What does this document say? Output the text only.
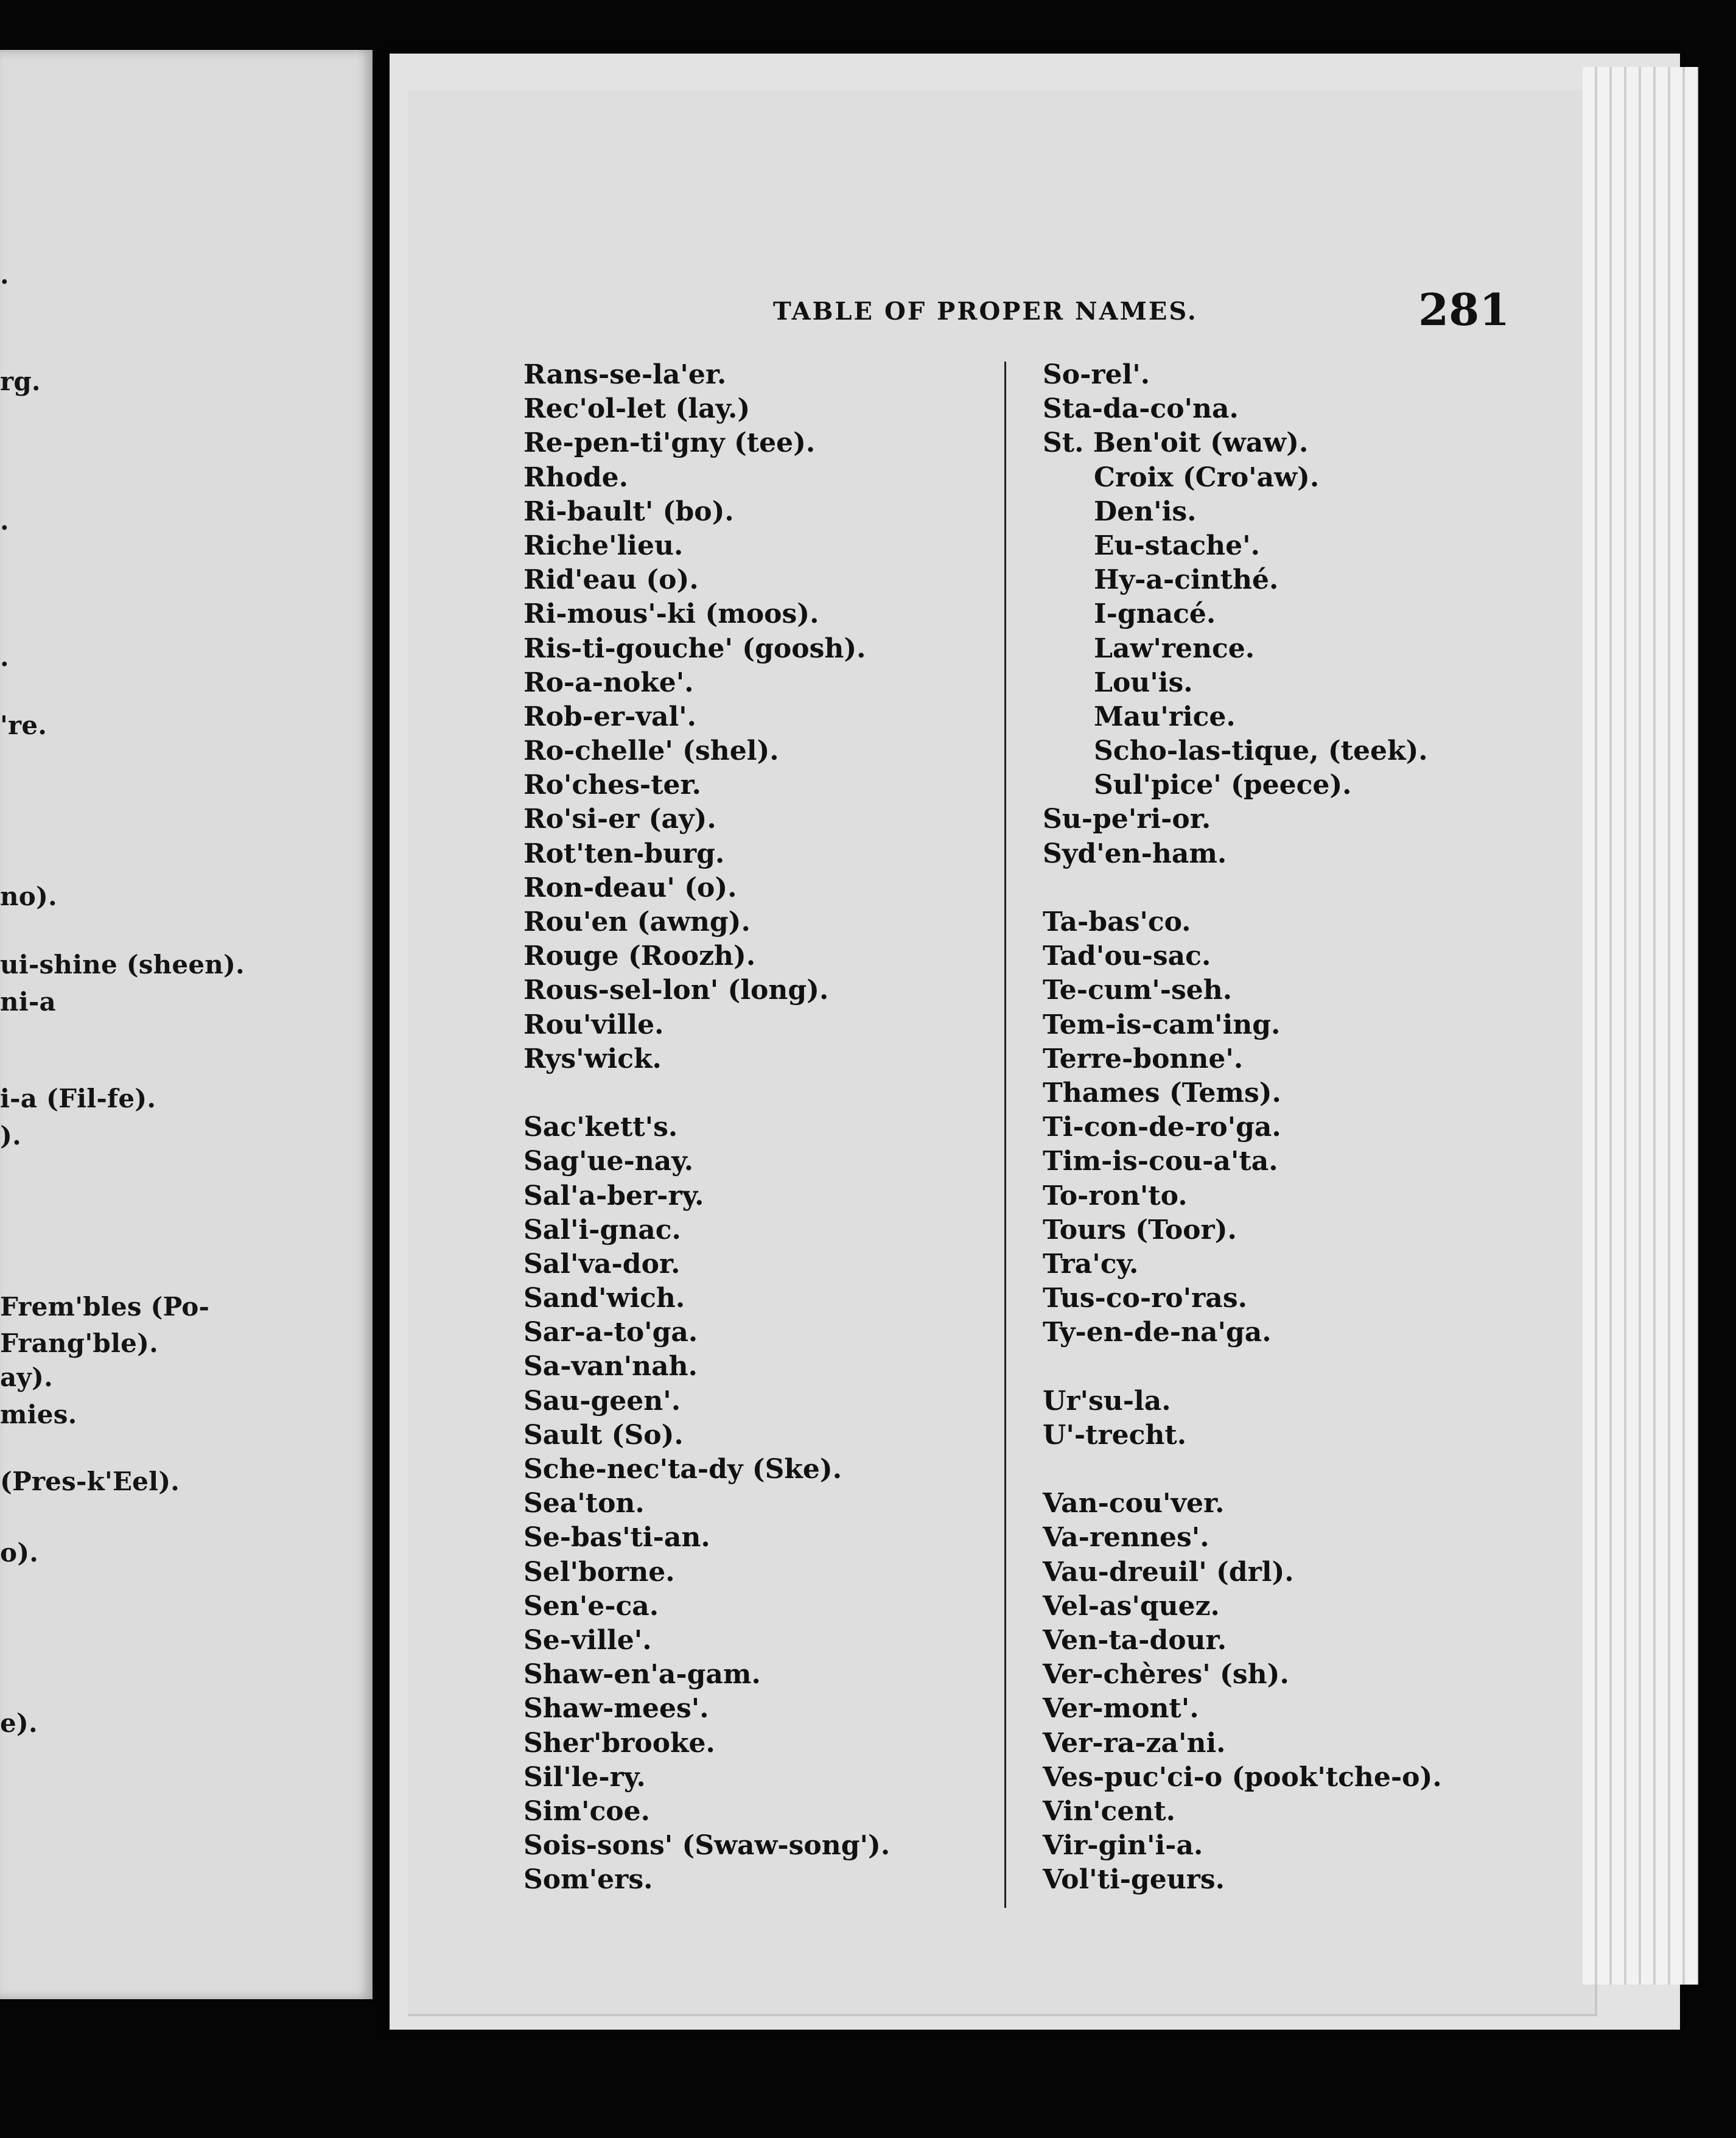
.
rg.
.
.
're.
no).
ui-shine (sheen).
ni-a
i-a (Fil-fe).
).
Frem'bles (Po-
Frang'ble).
ay).
mies.
(Pres-k'Eel).
o).
e).
TABLE OF PROPER NAMES.	281
Rans-se-la'er.
Rec'ol-let (lay.)
Re-pen-ti'gny (tee).
Rhode.
Ri-bault' (bo).
Riche'lieu.
Rid'eau (o).
Ri-mous'-ki (moos).
Ris-ti-gouche' (goosh).
Ro-a-noke'.
Rob-er-val'.
Ro-chelle' (shel).
Ro'ches-ter.
Ro'si-er (ay).
Rot'ten-burg.
Ron-deau' (o).
Rou'en (awng).
Rouge (Roozh).
Rous-sel-lon' (long).
Rou'ville.
Rys'wick.
Sac'kett's.
Sag'ue-nay.
Sal'a-ber-ry.
Sal'i-gnac.
Sal'va-dor.
Sand'wich.
Sar-a-to'ga.
Sa-van'nah.
Sau-geen'.
Sault (So).
Sche-nec'ta-dy (Ske).
Sea'ton.
Se-bas'ti-an.
Sel'borne.
Sen'e-ca.
Se-ville'.
Shaw-en'a-gam.
Shaw-mees'.
Sher'brooke.
Sil'le-ry.
Sim'coe.
Sois-sons' (Swaw-song').
Som'ers.
So-rel'.
Sta-da-co'na.
St. Ben'oit (waw).
Croix (Cro'aw).
Den'is.
Eu-stache'.
Hy-a-cinthé.
I-gnacé.
Law'rence.
Lou'is.
Mau'rice.
Scho-las-tique, (teek).
Sul'pice' (peece).
Su-pe'ri-or.
Syd'en-ham.
Ta-bas'co.
Tad'ou-sac.
Te-cum'-seh.
Tem-is-cam'ing.
Terre-bonne'.
Thames (Tems).
Ti-con-de-ro'ga.
Tim-is-cou-a'ta.
To-ron'to.
Tours (Toor).
Tra'cy.
Tus-co-ro'ras.
Ty-en-de-na'ga.
Ur'su-la.
U'-trecht.
Van-cou'ver.
Va-rennes'.
Vau-dreuil' (drl).
Vel-as'quez.
Ven-ta-dour.
Ver-chères' (sh).
Ver-mont'.
Ver-ra-za'ni.
Ves-puc'ci-o (pook'tche-o).
Vin'cent.
Vir-gin'i-a.
Vol'ti-geurs.
